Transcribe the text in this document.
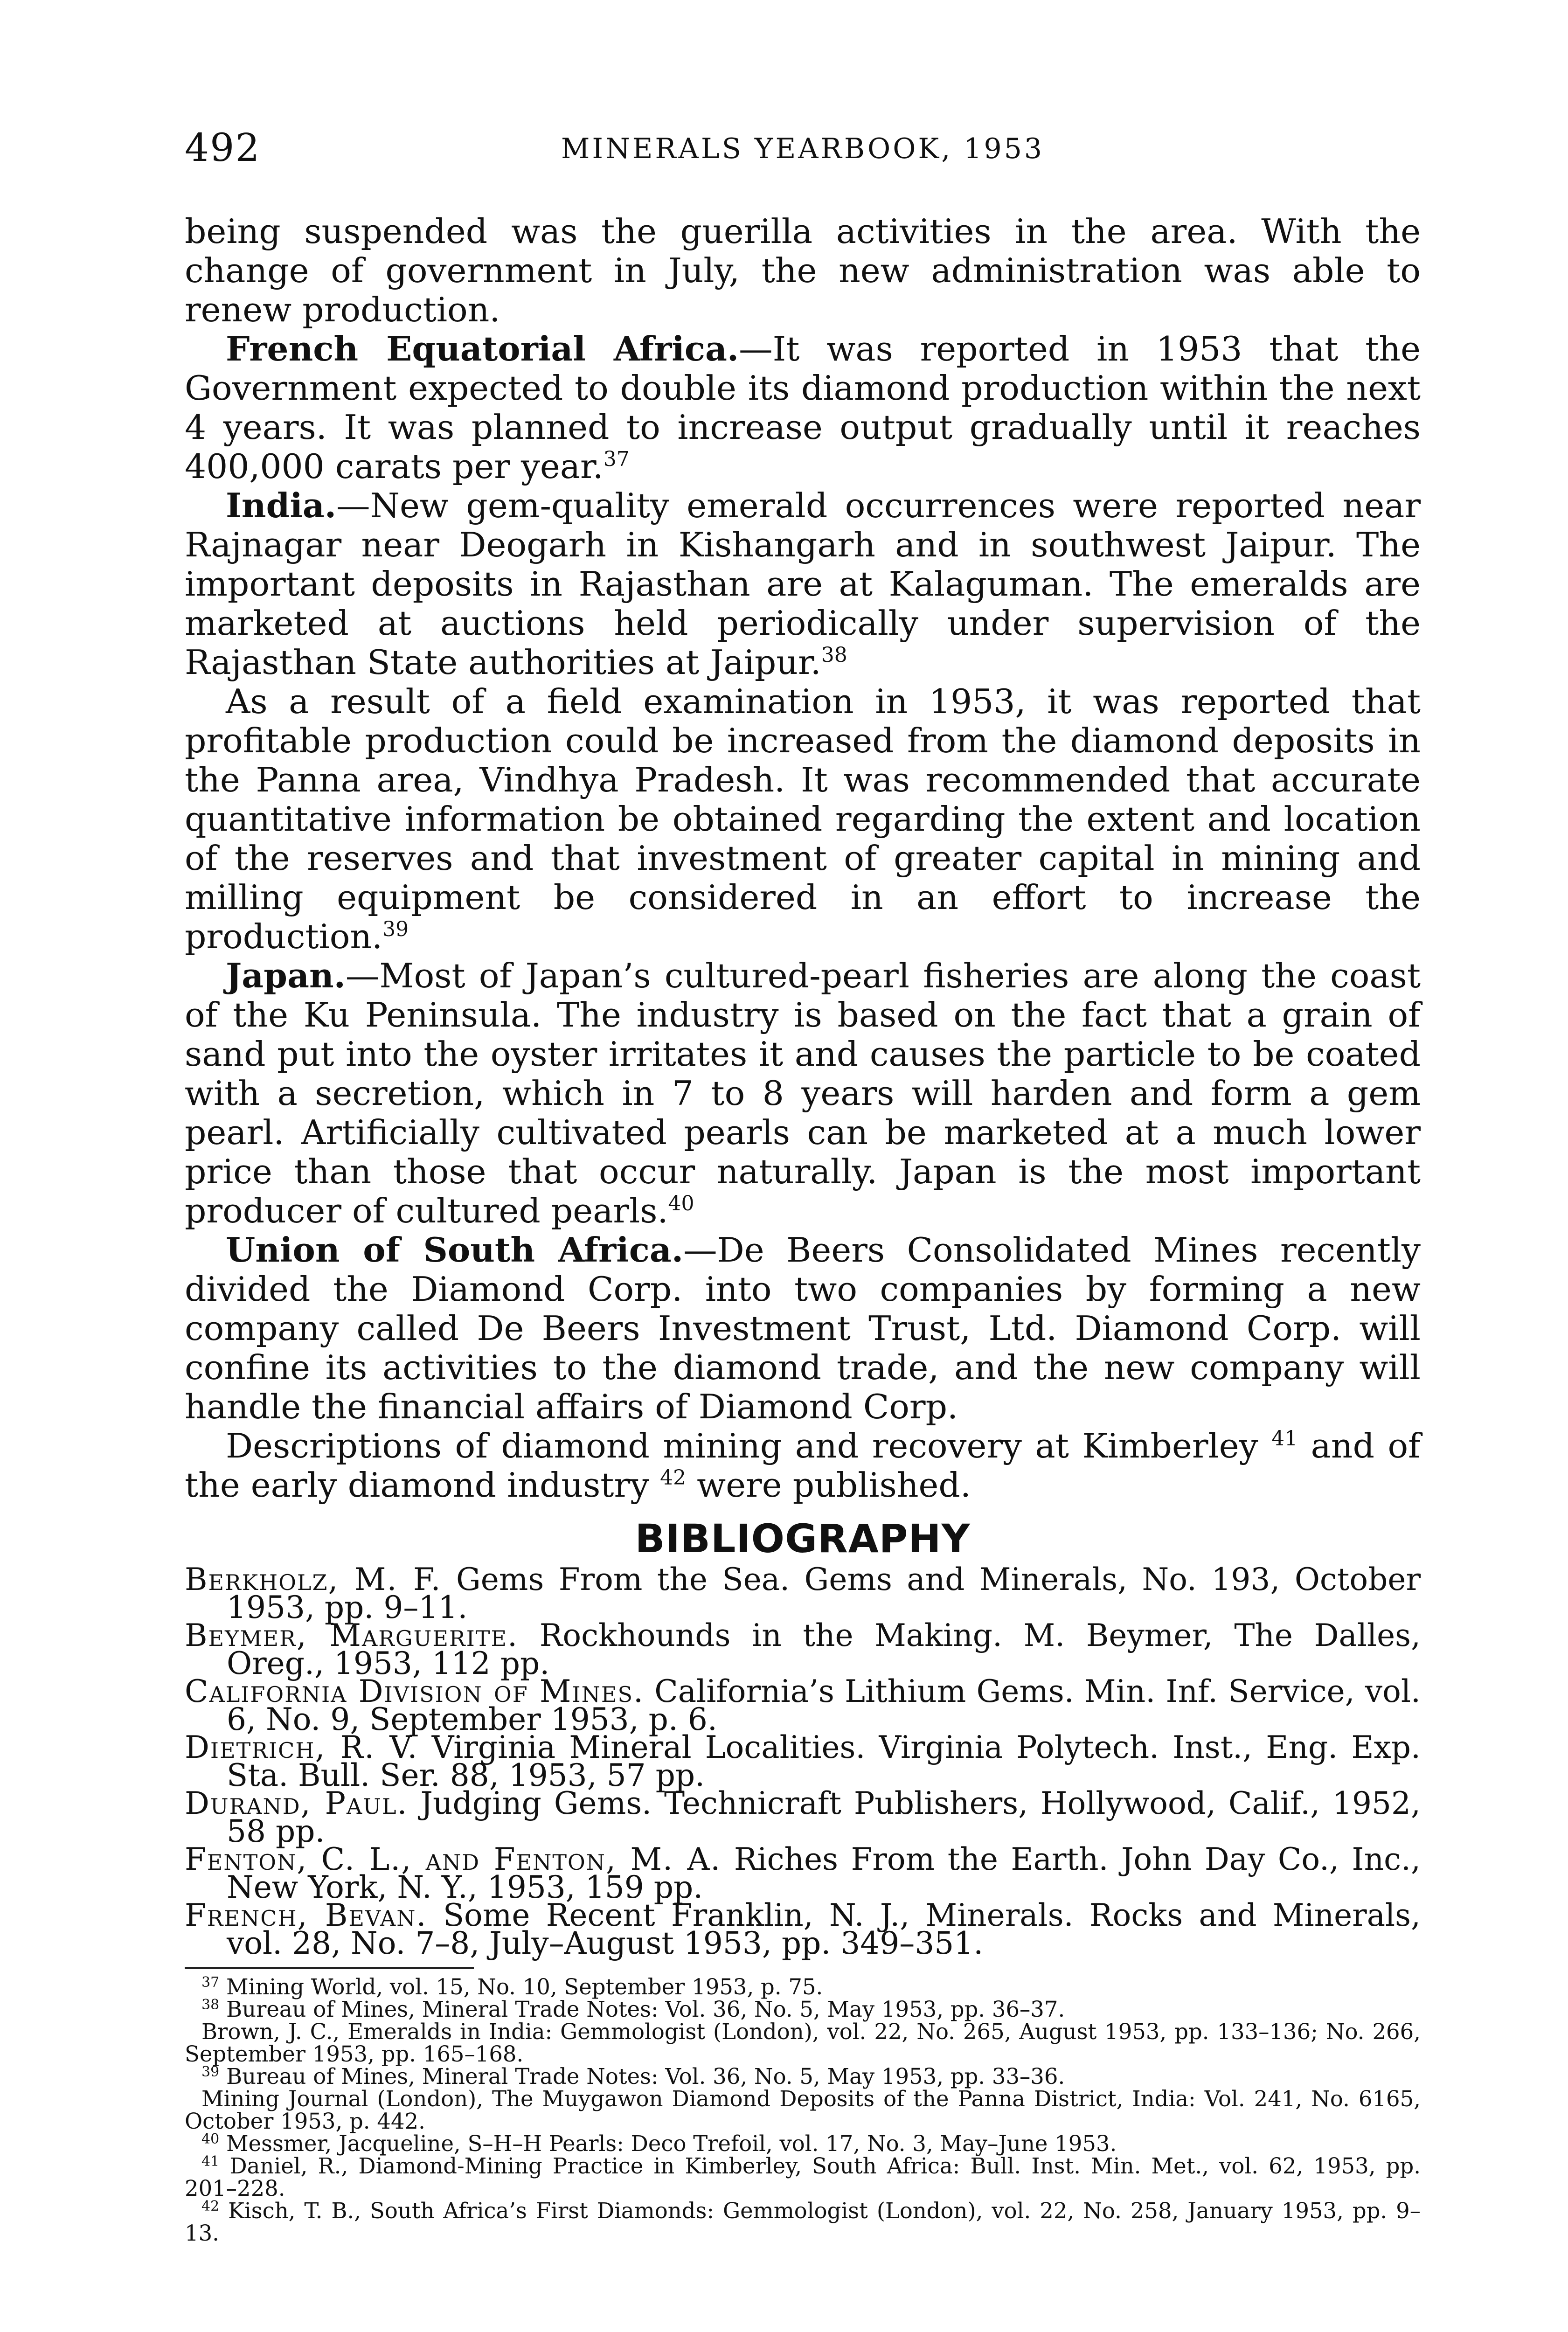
492	MINERALS YEARBOOK, 1953

being suspended was the guerilla activities in the area. With the change of government in July, the new administration was able to renew production.

French Equatorial Africa.—It was reported in 1953 that the Government expected to double its diamond production within the next 4 years. It was planned to increase output gradually until it reaches 400,000 carats per year.$^{37}$

India.—New gem-quality emerald occurrences were reported near Rajnagar near Deogarh in Kishangarh and in southwest Jaipur. The important deposits in Rajasthan are at Kalaguman. The emeralds are marketed at auctions held periodically under supervision of the Rajasthan State authorities at Jaipur.$^{38}$

As a result of a field examination in 1953, it was reported that profitable production could be increased from the diamond deposits in the Panna area, Vindhya Pradesh. It was recommended that accurate quantitative information be obtained regarding the extent and location of the reserves and that investment of greater capital in mining and milling equipment be considered in an effort to increase the production.$^{39}$

Japan.—Most of Japan’s cultured-pearl fisheries are along the coast of the Ku Peninsula. The industry is based on the fact that a grain of sand put into the oyster irritates it and causes the particle to be coated with a secretion, which in 7 to 8 years will harden and form a gem pearl. Artificially cultivated pearls can be marketed at a much lower price than those that occur naturally. Japan is the most important producer of cultured pearls.$^{40}$

Union of South Africa.—De Beers Consolidated Mines recently divided the Diamond Corp. into two companies by forming a new company called De Beers Investment Trust, Ltd. Diamond Corp. will confine its activities to the diamond trade, and the new company will handle the financial affairs of Diamond Corp.

Descriptions of diamond mining and recovery at Kimberley $^{41}$ and of the early diamond industry $^{42}$ were published.

BIBLIOGRAPHY

Berkholz, M. F. Gems From the Sea. Gems and Minerals, No. 193, October 1953, pp. 9–11.

Beymer, Marguerite. Rockhounds in the Making. M. Beymer, The Dalles, Oreg., 1953, 112 pp.

California Division of Mines. California’s Lithium Gems. Min. Inf. Service, vol. 6, No. 9, September 1953, p. 6.

Dietrich, R. V. Virginia Mineral Localities. Virginia Polytech. Inst., Eng. Exp. Sta. Bull. Ser. 88, 1953, 57 pp.

Durand, Paul. Judging Gems. Technicraft Publishers, Hollywood, Calif., 1952, 58 pp.

Fenton, C. L., and Fenton, M. A. Riches From the Earth. John Day Co., Inc., New York, N. Y., 1953, 159 pp.

French, Bevan. Some Recent Franklin, N. J., Minerals. Rocks and Minerals, vol. 28, No. 7–8, July–August 1953, pp. 349–351.

$^{37}$ Mining World, vol. 15, No. 10, September 1953, p. 75.

$^{38}$ Bureau of Mines, Mineral Trade Notes: Vol. 36, No. 5, May 1953, pp. 36–37.

Brown, J. C., Emeralds in India: Gemmologist (London), vol. 22, No. 265, August 1953, pp. 133–136; No. 266, September 1953, pp. 165–168.

$^{39}$ Bureau of Mines, Mineral Trade Notes: Vol. 36, No. 5, May 1953, pp. 33–36.

Mining Journal (London), The Muygawon Diamond Deposits of the Panna District, India: Vol. 241, No. 6165, October 1953, p. 442.

$^{40}$ Messmer, Jacqueline, S–H–H Pearls: Deco Trefoil, vol. 17, No. 3, May–June 1953.

$^{41}$ Daniel, R., Diamond-Mining Practice in Kimberley, South Africa: Bull. Inst. Min. Met., vol. 62, 1953, pp. 201–228.

$^{42}$ Kisch, T. B., South Africa’s First Diamonds: Gemmologist (London), vol. 22, No. 258, January 1953, pp. 9–13.
